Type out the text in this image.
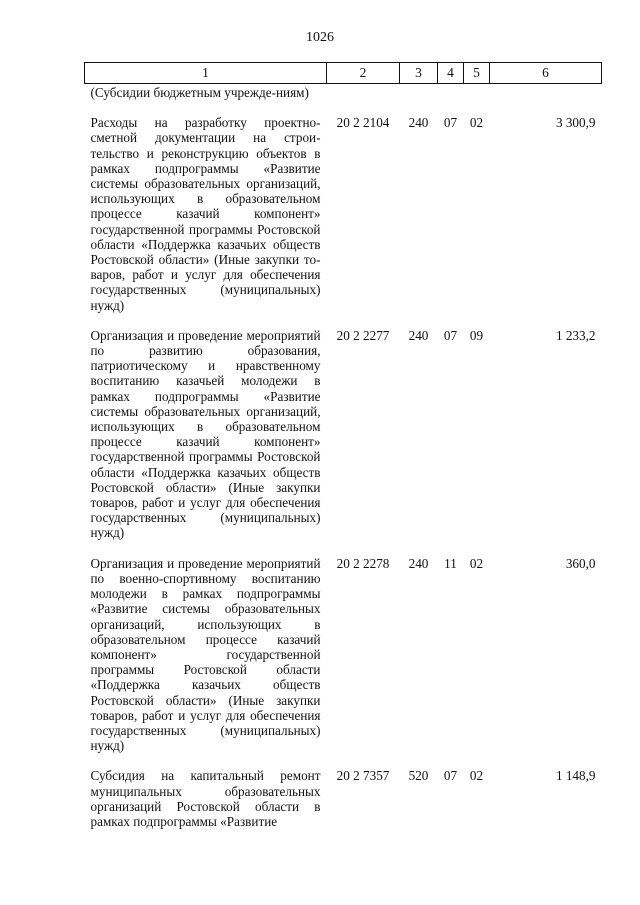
1026
1	2	3	4	5	6
(Субсидии бюджетным учрежде-ниям)					
Расходы на разработку проектно-сметной документации на строительство и реконструкцию объектов в рамках подпрограммы «Развитие системы образовательных организаций, использующих в образовательном процессе казачий компонент» государственной программы Ростовской области «Поддержка казачьих обществ Ростовской области» (Иные закупки товаров, работ и услуг для обеспечения государственных (муниципальных) нужд)	20 2 2104	240	07	02	3 300,9
Организация и проведение мероприятий по развитию образования, патриотическому и нравственному воспитанию казачьей молодежи в рамках подпрограммы «Развитие системы образовательных организаций, использующих в образовательном процессе казачий компонент» государственной программы Ростовской области «Поддержка казачьих обществ Ростовской области» (Иные закупки товаров, работ и услуг для обеспечения государственных (муниципальных) нужд)	20 2 2277	240	07	09	1 233,2
Организация и проведение мероприятий по военно-спортивному воспитанию молодежи в рамках подпрограммы «Развитие системы образовательных организаций, использующих в образовательном процессе казачий компонент» государственной программы Ростовской области «Поддержка казачьих обществ Ростовской области» (Иные закупки товаров, работ и услуг для обеспечения государственных (муниципальных) нужд)	20 2 2278	240	11	02	360,0
Субсидия на капитальный ремонт муниципальных образовательных организаций Ростовской области в рамках подпрограммы «Развитие	20 2 7357	520	07	02	1 148,9
